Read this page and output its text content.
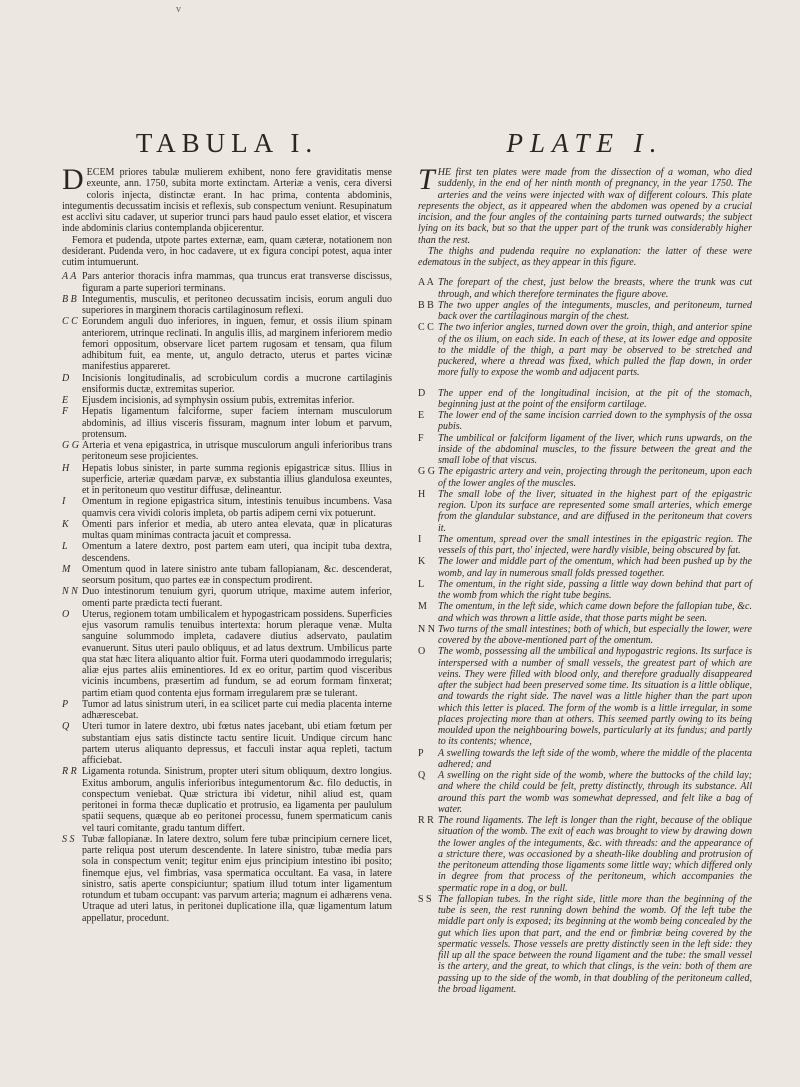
v
TABULA I.

DECEM priores tabulæ mulierem exhibent, nono fere graviditatis mense exeunte, ann. 1750, subita morte extinctam. Arteriæ a venis, cera diversi coloris injecta, distinctæ erant. In hac prima, contenta abdominis, integumentis decussatim incisis et reflexis, sub conspectum veniunt. Resupinatum est acclivi situ cadaver, ut superior trunci pars haud paulo esset elatior, et viscera inde abdominis clarius contemplanda objicerentur.

Femora et pudenda, utpote partes externæ, eam, quam cæteræ, notationem non desiderant. Pudenda vero, in hoc cadavere, ut ex figura concipi potest, aqua inter cutim intumuerunt.

A A Pars anterior thoracis infra mammas, qua truncus erat transverse discissus, figuram a parte superiori terminans.

B B Integumentis, musculis, et peritoneo decussatim incisis, eorum anguli duo superiores in marginem thoracis cartilaginosum reflexi.

C C Eorundem anguli duo inferiores, in inguen, femur, et ossis ilium spinam anteriorem, utrinque reclinati. In angulis illis, ad marginem inferiorem medio femori oppositum, observare licet partem rugosam et tensam, qua filum adhibitum fuit, ea mente, ut, angulo detracto, uterus et partes vicinæ manifestius appareret.

D Incisionis longitudinalis, ad scrobiculum cordis a mucrone cartilaginis ensiformis ductæ, extremitas superior.

E Ejusdem incisionis, ad symphysin ossium pubis, extremitas inferior.

F Hepatis ligamentum falciforme, super faciem internam musculorum abdominis, ad illius visceris fissuram, magnum inter lobum et parvum, protensum.

G G Arteria et vena epigastrica, in utrisque musculorum anguli inferioribus trans peritoneum sese projicientes.

H Hepatis lobus sinister, in parte summa regionis epigastricæ situs. Illius in superficie, arteriæ quædam parvæ, ex substantia illius glandulosa exeuntes, et in peritoneum quo vestitur diffusæ, delineantur.

I Omentum in regione epigastrica situm, intestinis tenuibus incumbens. Vasa quamvis cera vividi coloris impleta, ob partis adipem cerni vix potuerunt.

K Omenti pars inferior et media, ab utero antea elevata, quæ in plicaturas multas quam minimas contracta jacuit et compressa.

L Omentum a latere dextro, post partem eam uteri, qua incipit tuba dextra, descendens.

M Omentum quod in latere sinistro ante tubam fallopianam, &c. descenderat, seorsum positum, quo partes eæ in conspectum prodirent.

N N Duo intestinorum tenuium gyri, quorum utrique, maxime autem inferior, omenti parte prædicta tecti fuerant.

O Uterus, regionem totam umbilicalem et hypogastricam possidens. Superficies ejus vasorum ramulis tenuibus intertexta: horum pleraque venæ. Multa sanguine solummodo impleta, cadavere diutius adservato, paulatim evanuerunt. Situs uteri paulo obliquus, et ad latus dextrum. Umbilicus parte qua stat hæc litera aliquanto altior fuit. Forma uteri quodammodo irregularis; aliæ ejus partes aliis eminentiores. Id ex eo oritur, partim quod visceribus vicinis incumbens, præsertim ad fundum, se ad eorum formam finxerat; partim etiam quod contenta ejus formam irregularem præ se tulerant.

P Tumor ad latus sinistrum uteri, in ea scilicet parte cui media placenta interne adhærescebat.

Q Uteri tumor in latere dextro, ubi fœtus nates jacebant, ubi etiam fœtum per substantiam ejus satis distincte tactu sentire licuit. Undique circum hanc partem uterus aliquanto depressus, et facculi instar aqua repleti, tactum afficiebat.

R R Ligamenta rotunda. Sinistrum, propter uteri situm obliquum, dextro longius. Exitus amborum, angulis inferioribus integumentorum &c. filo deductis, in conspectum veniebat. Quæ strictura ibi videtur, nihil aliud est, quam peritonei in forma thecæ duplicatio et protrusio, ea ligamenta per paululum spatii sequens, quæque ab eo peritonei processu, funem spermaticum canis vel tauri comitante, gradu tantum differt.

S S Tubæ fallopianæ. In latere dextro, solum fere tubæ principium cernere licet, parte reliqua post uterum descendente. In latere sinistro, tubæ media pars sola in conspectum venit; tegitur enim ejus principium intestino ibi posito; finemque ejus, vel fimbrias, vasa spermatica occultant. Ea vasa, in latere sinistro, satis aperte conspiciuntur; spatium illud totum inter ligamentum rotundum et tubam occupant: vas parvum arteria; magnum ei adhærens vena. Utraque ad uteri latus, in peritonei duplicatione illa, quæ ligamentum latum appellatur, procedunt.

PLATE I.

THE first ten plates were made from the dissection of a woman, who died suddenly, in the end of her ninth month of pregnancy, in the year 1750. The arteries and the veins were injected with wax of different colours. This plate represents the object, as it appeared when the abdomen was opened by a crucial incision, and the four angles of the containing parts turned outwards; the subject lying on its back, but so that the upper part of the trunk was considerably higher than the rest.

The thighs and pudenda require no explanation: the latter of these were edematous in the subject, as they appear in this figure.

A A The forepart of the chest, just below the breasts, where the trunk was cut through, and which therefore terminates the figure above.

B B The two upper angles of the integuments, muscles, and peritoneum, turned back over the cartilaginous margin of the chest.

C C The two inferior angles, turned down over the groin, thigh, and anterior spine of the os ilium, on each side. In each of these, at its lower edge and opposite to the middle of the thigh, a part may be observed to be stretched and puckered, where a thread was fixed, which pulled the flap down, in order more fully to expose the womb and adjacent parts.

D The upper end of the longitudinal incision, at the pit of the stomach, beginning just at the point of the ensiform cartilage.

E The lower end of the same incision carried down to the symphysis of the ossa pubis.

F The umbilical or falciform ligament of the liver, which runs upwards, on the inside of the abdominal muscles, to the fissure between the great and the small lobe of that viscus.

G G The epigastric artery and vein, projecting through the peritoneum, upon each of the lower angles of the muscles.

H The small lobe of the liver, situated in the highest part of the epigastric region. Upon its surface are represented some small arteries, which emerge from the glandular substance, and are diffused in the peritoneum that covers it.

I The omentum, spread over the small intestines in the epigastric region. The vessels of this part, tho' injected, were hardly visible, being obscured by fat.

K The lower and middle part of the omentum, which had been pushed up by the womb, and lay in numerous small folds pressed together.

L The omentum, in the right side, passing a little way down behind that part of the womb from which the right tube begins.

M The omentum, in the left side, which came down before the fallopian tube, &c. and which was thrown a little aside, that those parts might be seen.

N N Two turns of the small intestines; both of which, but especially the lower, were covered by the above-mentioned part of the omentum.

O The womb, possessing all the umbilical and hypogastric regions. Its surface is interspersed with a number of small vessels, the greatest part of which are veins. They were filled with blood only, and therefore gradually disappeared after the subject had been preserved some time. Its situation is a little oblique, and towards the right side. The navel was a little higher than the part upon which this letter is placed. The form of the womb is a little irregular, in some places projecting more than at others. This seemed partly owing to its being moulded upon the neighbouring bowels, particularly at its fundus; and partly to its contents; whence,

P A swelling towards the left side of the womb, where the middle of the placenta adhered; and

Q A swelling on the right side of the womb, where the buttocks of the child lay; and where the child could be felt, pretty distinctly, through its substance. All around this part the womb was somewhat depressed, and felt like a bag of water.

R R The round ligaments. The left is longer than the right, because of the oblique situation of the womb. The exit of each was brought to view by drawing down the lower angles of the integuments, &c. with threads: and the appearance of a stricture there, was occasioned by a sheath-like doubling and protrusion of the peritoneum attending those ligaments some little way; which differed only in degree from that process of the peritoneum, which accompanies the spermatic rope in a dog, or bull.

S S The fallopian tubes. In the right side, little more than the beginning of the tube is seen, the rest running down behind the womb. Of the left tube the middle part only is exposed; its beginning at the womb being concealed by the gut which lies upon that part, and the end or fimbriæ being covered by the spermatic vessels. Those vessels are pretty distinctly seen in the left side: they fill up all the space between the round ligament and the tube: the small vessel is the artery, and the great, to which that clings, is the vein: both of them are passing up to the side of the womb, in that doubling of the peritoneum called, the broad ligament.
